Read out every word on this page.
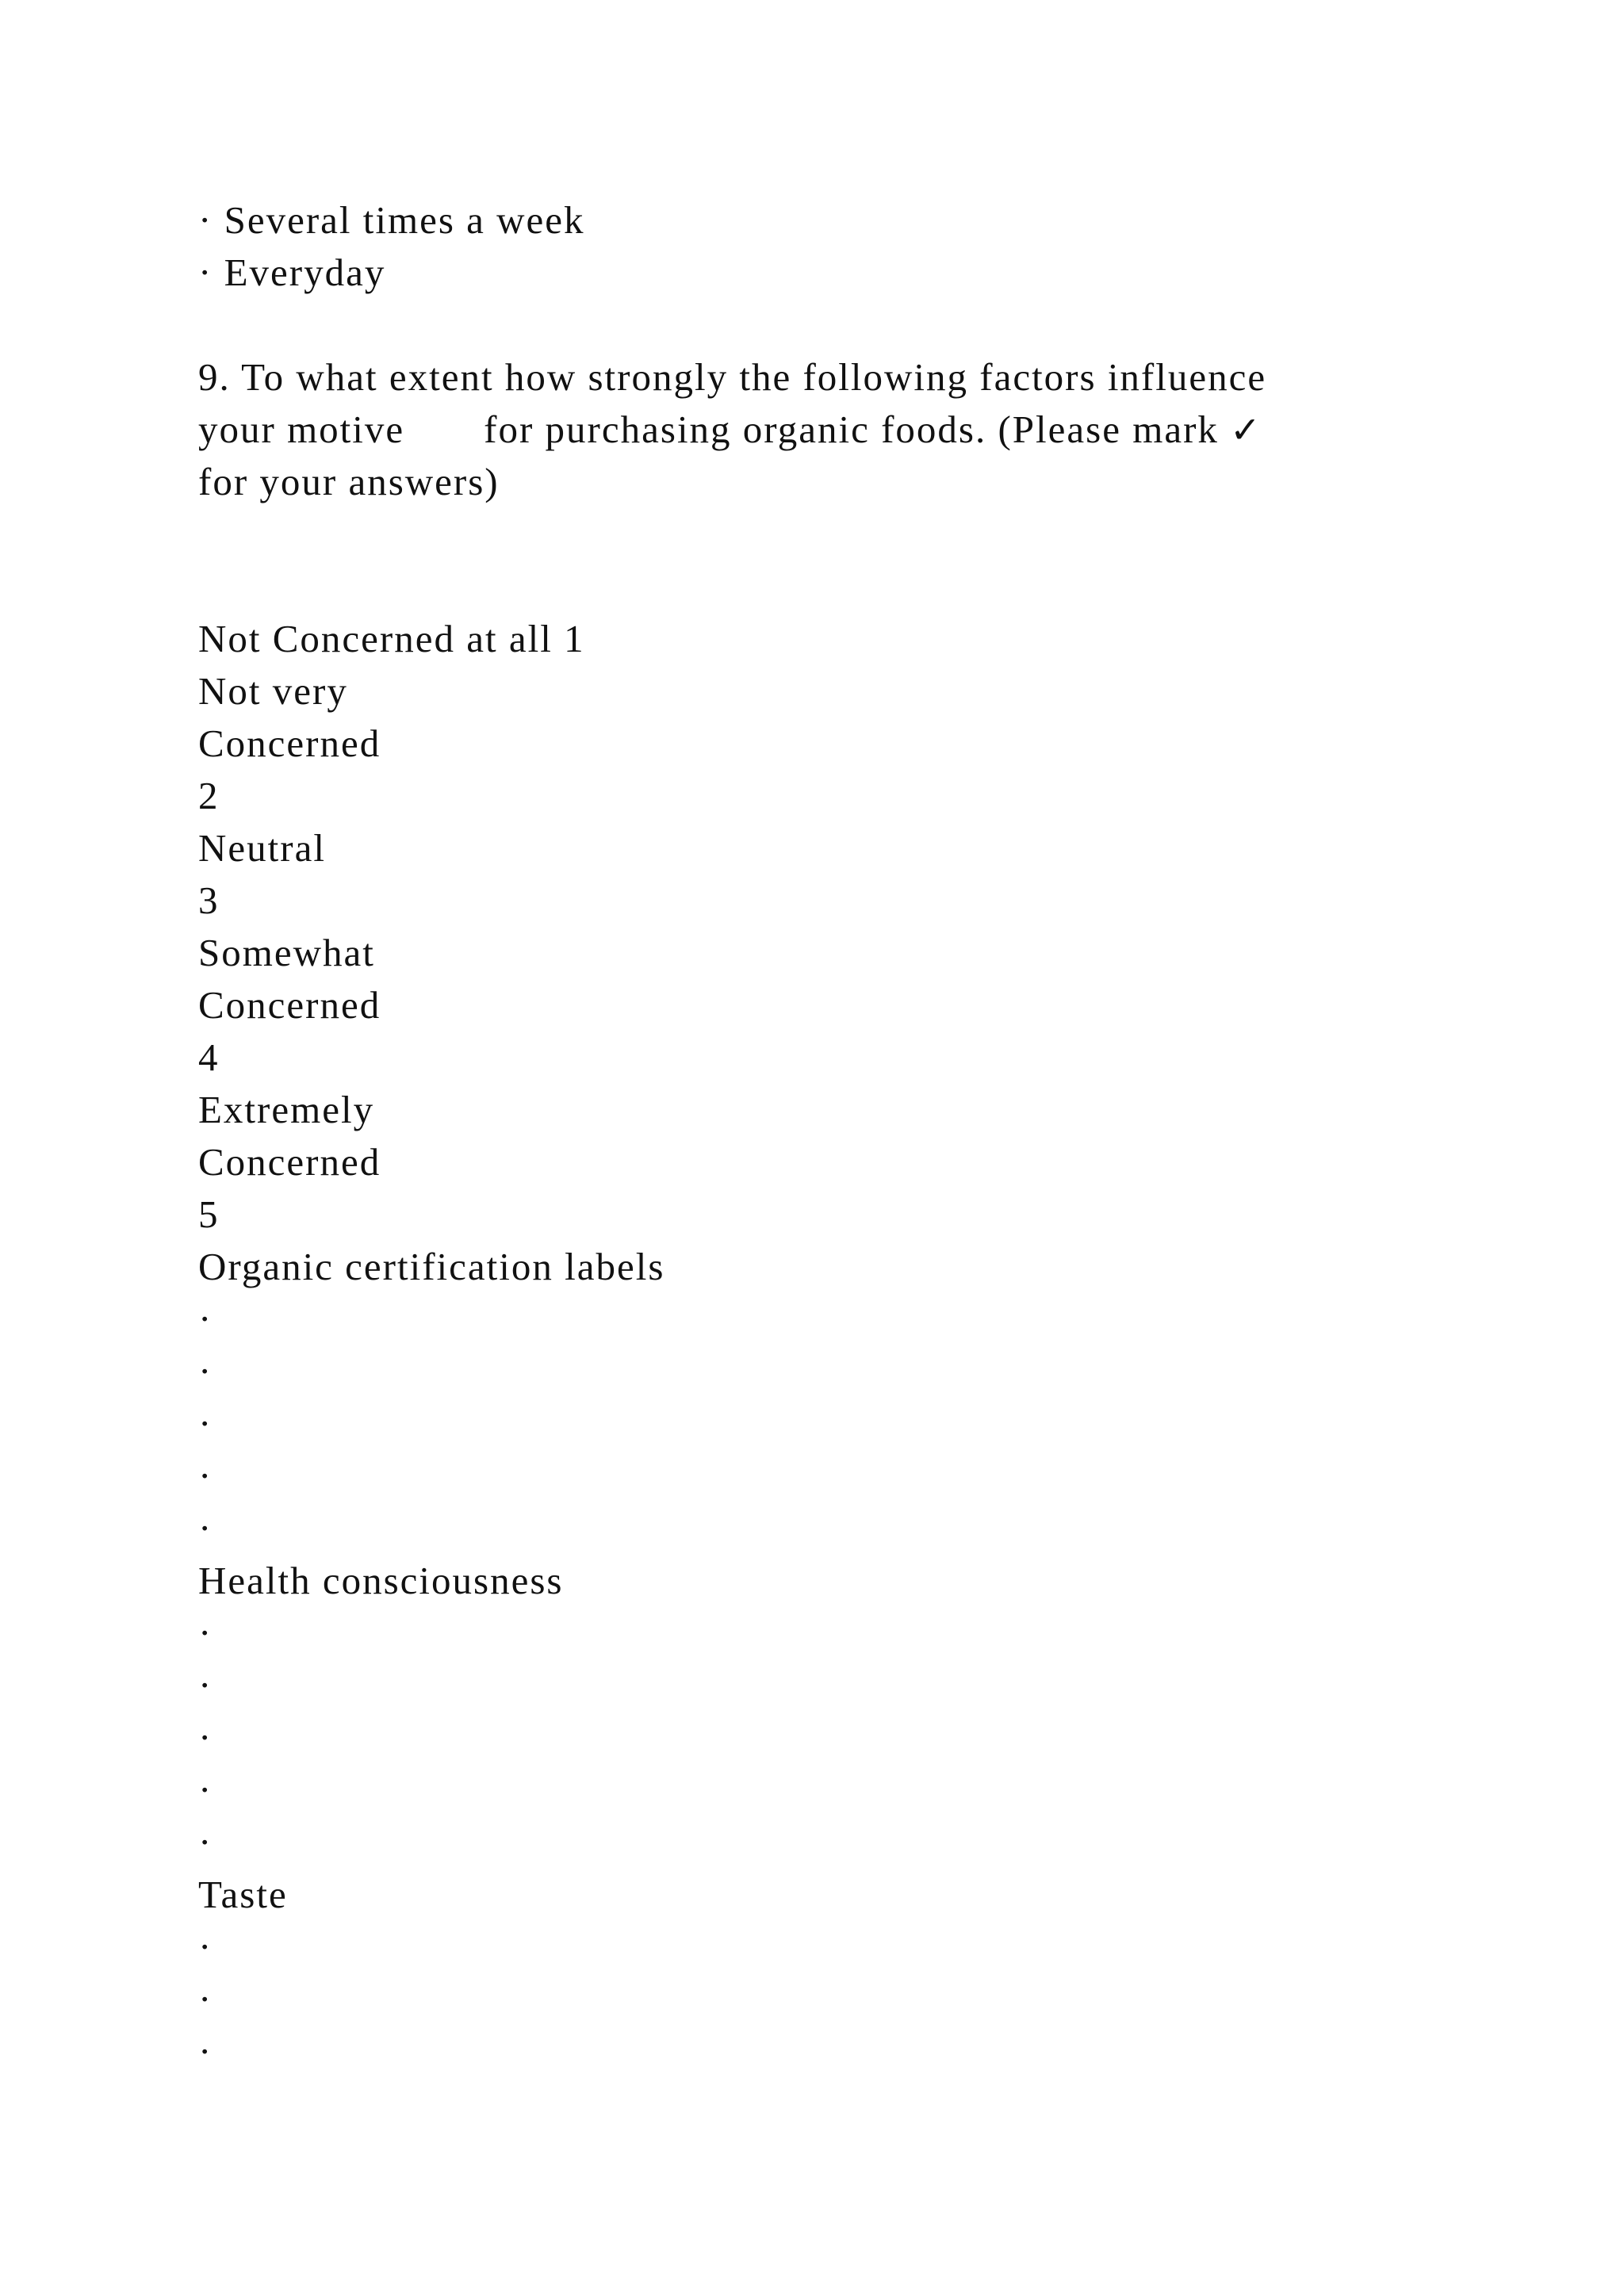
· Several times a week
· Everyday
9. To what extent how strongly the following factors influence
your motive for purchasing organic foods. (Please mark ✓
for your answers)
Not Concerned at all 1
Not very
Concerned
2
Neutral
3
Somewhat
Concerned
4
Extremely
Concerned
5
Organic certification labels
·
·
·
·
·
Health consciousness
·
·
·
·
·
Taste
·
·
·
